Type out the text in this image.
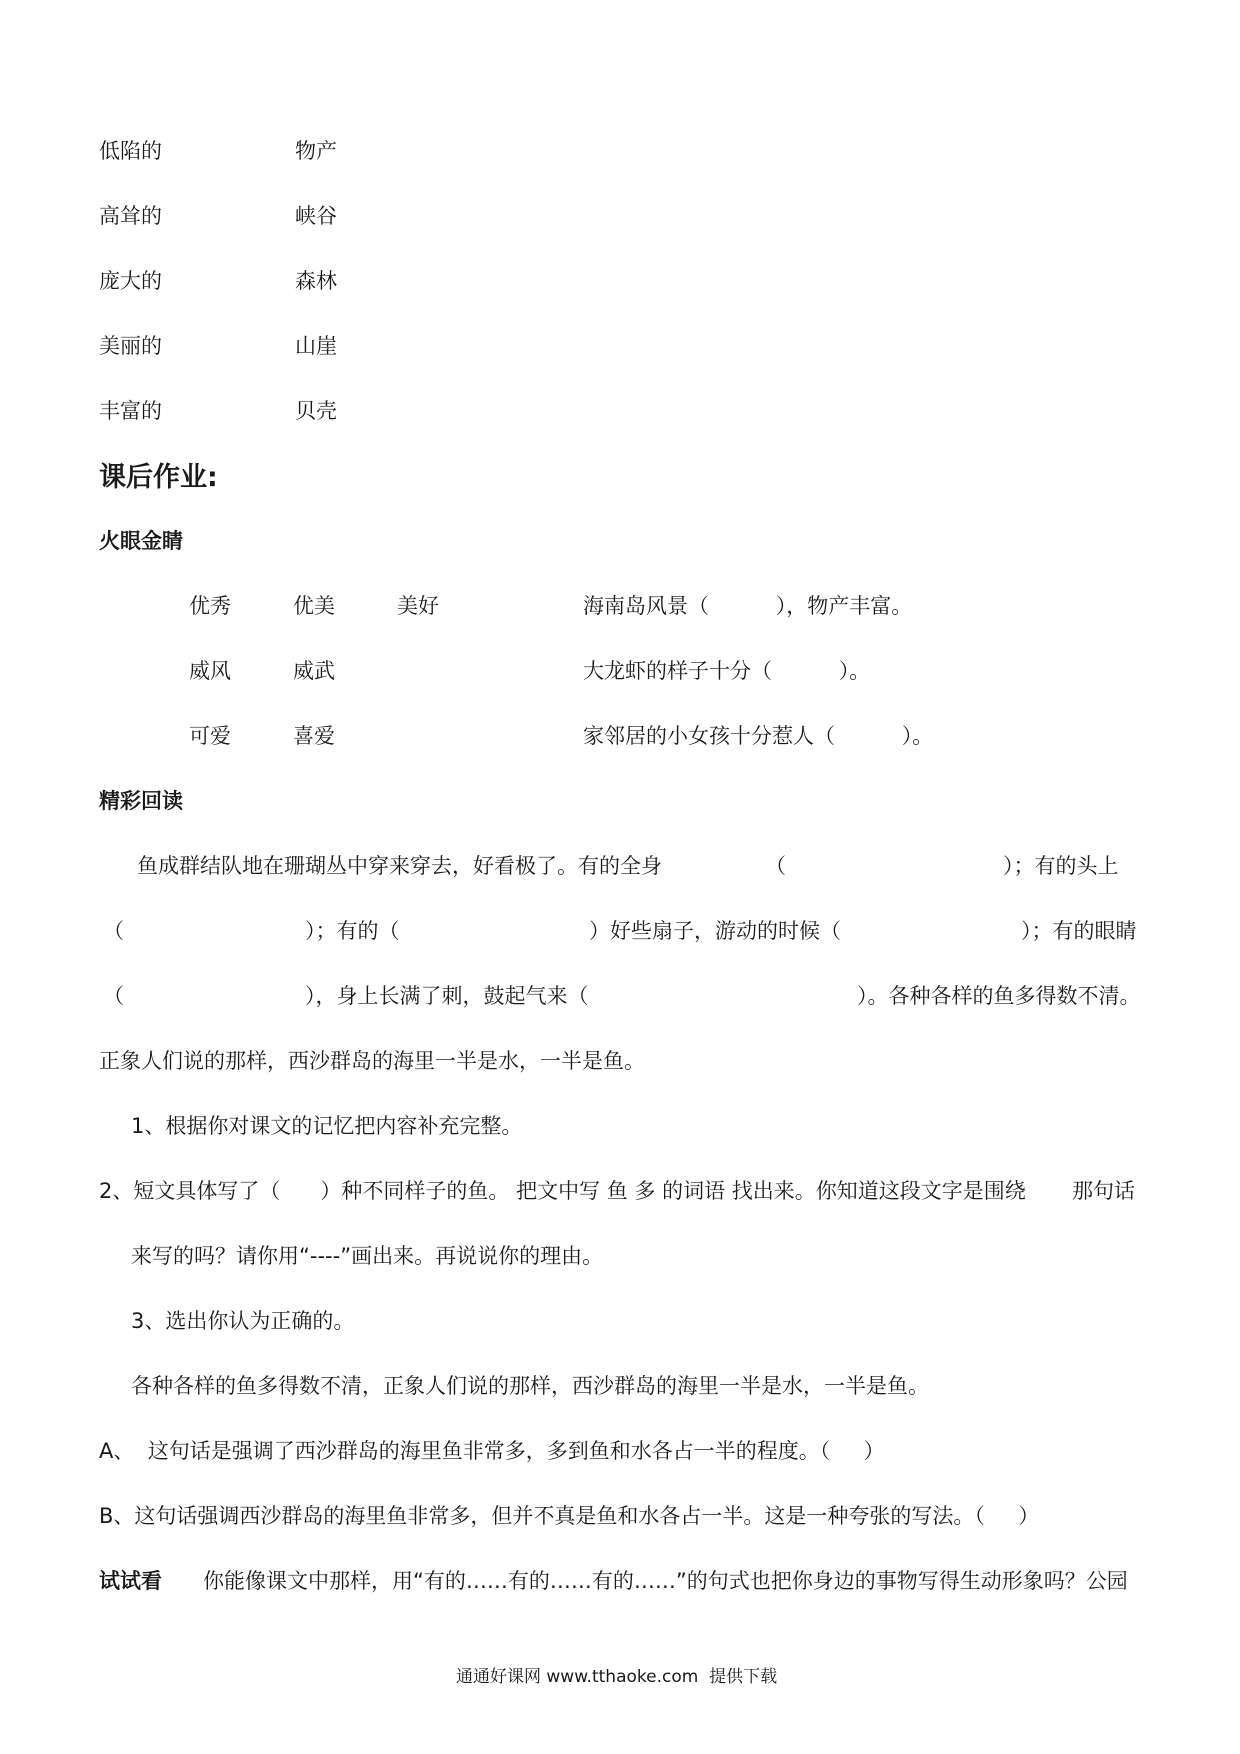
低陷的	物产
高耸的	峡谷
庞大的	森林
美丽的	山崖
丰富的	贝壳
课后作业:
火眼金睛
优秀	优美	美好	海南岛风景（          ），物产丰富。
威风	威武	大龙虾的样子十分（          ）。
可爱	喜爱	家邻居的小女孩十分惹人（          ）。
精彩回读
鱼成群结队地在珊瑚丛中穿来穿去，好看极了。有的全身	（	）；有的头上
（	）；有的（	）好些扇子，游动的时候（	）；有的眼睛
（	），身上长满了刺，鼓起气来（	）。各种各样的鱼多得数不清。
正象人们说的那样，西沙群岛的海里一半是水，一半是鱼。
1、根据你对课文的记忆把内容补充完整。
2、短文具体写了（      ）种不同样子的鱼。 把文中写 鱼 多 的词语 找出来。你知道这段文字是围绕 那句话
来写的吗？请你用“----”画出来。再说说你的理由。
3、选出你认为正确的。
各种各样的鱼多得数不清，正象人们说的那样，西沙群岛的海里一半是水，一半是鱼。
A、  这句话是强调了西沙群岛的海里鱼非常多，多到鱼和水各占一半的程度。（     ）
B、这句话强调西沙群岛的海里鱼非常多，但并不真是鱼和水各占一半。这是一种夸张的写法。（     ）
试试看 你能像课文中那样，用“有的……有的……有的……”的句式也把你身边的事物写得生动形象吗？公园
通通好课网 www.tthaoke.com  提供下载
